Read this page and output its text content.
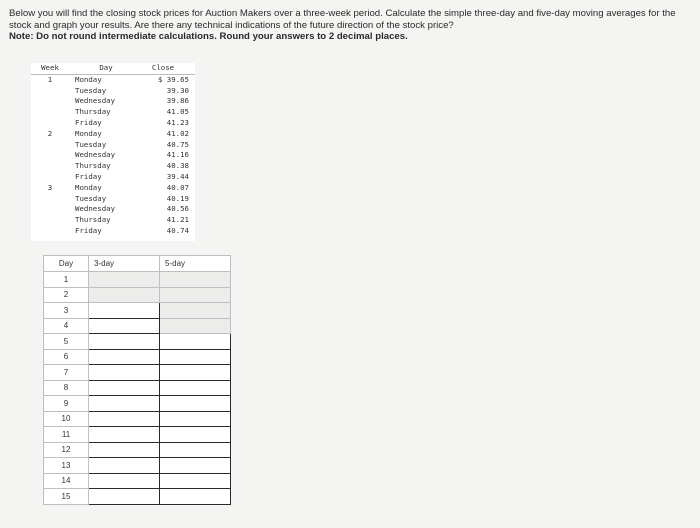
Below you will find the closing stock prices for Auction Makers over a three-week period. Calculate the simple three-day and five-day moving averages for the stock and graph your results. Are there any technical indications of the future direction of the stock price?
Note: Do not round intermediate calculations. Round your answers to 2 decimal places.
Week	Day	Close
1	Monday	$ 39.65
	Tuesday	39.30
	Wednesday	39.86
	Thursday	41.05
	Friday	41.23
2	Monday	41.02
	Tuesday	40.75
	Wednesday	41.16
	Thursday	40.38
	Friday	39.44
3	Monday	40.07
	Tuesday	40.19
	Wednesday	40.56
	Thursday	41.21
	Friday	40.74
Day	3-day	5-day
1		
2		
3	

4	

5	

6	

7	

8	

9	

10	

11	

12	

13	

14	

15	
